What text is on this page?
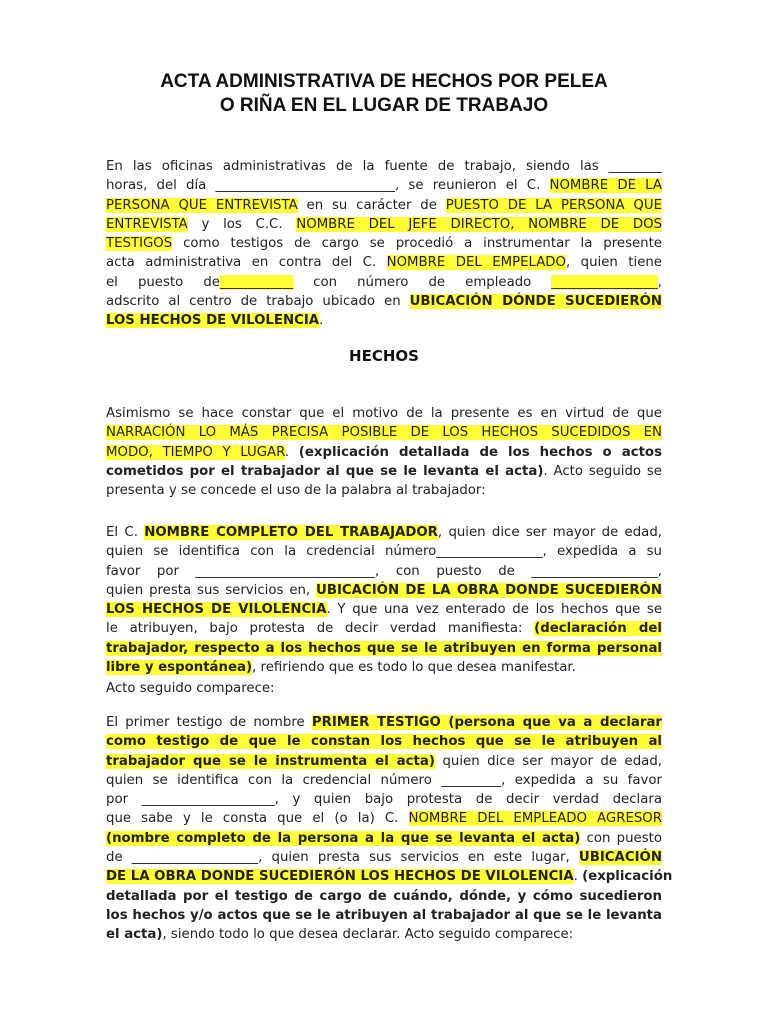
ACTA ADMINISTRATIVA DE HECHOS POR PELEA
O RIÑA EN EL LUGAR DE TRABAJO
En las oficinas administrativas de la fuente de trabajo, siendo las ________
horas, del día ___________________________, se reunieron el C. NOMBRE DE LA
PERSONA QUE ENTREVISTA en su carácter de PUESTO DE LA PERSONA QUE
ENTREVISTA y los C.C. NOMBRE DEL JEFE DIRECTO, NOMBRE DE DOS
TESTIGOS como testigos de cargo se procedió a instrumentar la presente
acta administrativa en contra del C. NOMBRE DEL EMPELADO, quien tiene
el puesto de___________ con número de empleado ________________,
adscrito al centro de trabajo ubicado en UBICACIÓN DÓNDE SUCEDIERÓN
LOS HECHOS DE VILOLENCIA.
HECHOS
Asimismo se hace constar que el motivo de la presente es en virtud de que
NARRACIÓN LO MÁS PRECISA POSIBLE DE LOS HECHOS SUCEDIDOS EN
MODO, TIEMPO Y LUGAR. (explicación detallada de los hechos o actos
cometidos por el trabajador al que se le levanta el acta). Acto seguido se
presenta y se concede el uso de la palabra al trabajador:
El C. NOMBRE COMPLETO DEL TRABAJADOR, quien dice ser mayor de edad,
quien se identifica con la credencial número________________, expedida a su
favor por ___________________________, con puesto de ___________________,
quien presta sus servicios en, UBICACIÓN DE LA OBRA DONDE SUCEDIERÓN
LOS HECHOS DE VILOLENCIA. Y que una vez enterado de los hechos que se
le atribuyen, bajo protesta de decir verdad manifiesta: (declaración del
trabajador, respecto a los hechos que se le atribuyen en forma personal
libre y espontánea), refiriendo que es todo lo que desea manifestar.
Acto seguido comparece:
El primer testigo de nombre PRIMER TESTIGO (persona que va a declarar
como testigo de que le constan los hechos que se le atribuyen al
trabajador que se le instrumenta el acta) quien dice ser mayor de edad,
quien se identifica con la credencial número _________, expedida a su favor
por ____________________, y quien bajo protesta de decir verdad declara
que sabe y le consta que el (o la) C. NOMBRE DEL EMPLEADO AGRESOR
(nombre completo de la persona a la que se levanta el acta) con puesto
de ___________________, quien presta sus servicios en este lugar, UBICACIÓN
DE LA OBRA DONDE SUCEDIERÓN LOS HECHOS DE VILOLENCIA. (explicación
detallada por el testigo de cargo de cuándo, dónde, y cómo sucedieron
los hechos y/o actos que se le atribuyen al trabajador al que se le levanta
el acta), siendo todo lo que desea declarar. Acto seguido comparece:
